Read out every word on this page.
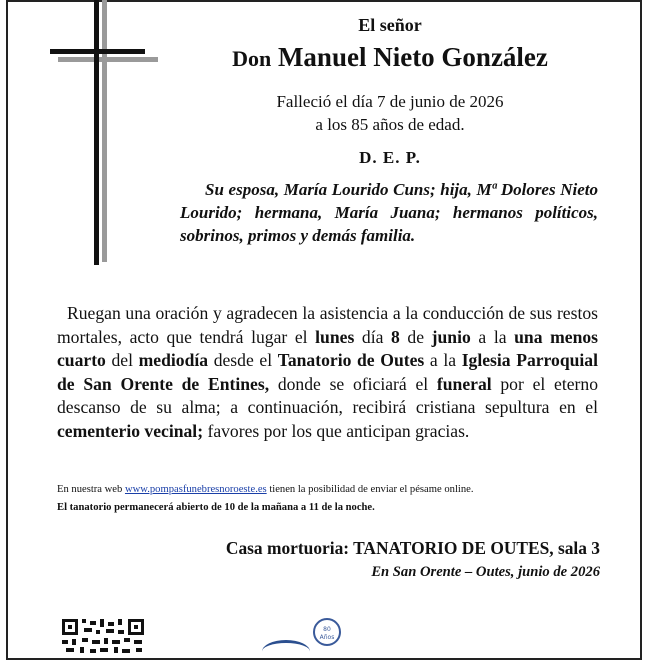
El señor
Don Manuel Nieto González
Falleció el día 7 de junio de 2026
a los 85 años de edad.
D. E. P.
Su esposa, María Lourido Cuns; hija, Mª Dolores Nieto Lourido; hermana, María Juana; hermanos políticos, sobrinos, primos y demás familia.
Ruegan una oración y agradecen la asistencia a la conducción de sus restos mortales, acto que tendrá lugar el lunes día 8 de junio a la una menos cuarto del mediodía desde el Tanatorio de Outes a la Iglesia Parroquial de San Orente de Entines, donde se oficiará el funeral por el eterno descanso de su alma; a continuación, recibirá cristiana sepultura en el cementerio vecinal; favores por los que anticipan gracias.
En nuestra web www.pompasfunebresnoroeste.es tienen la posibilidad de enviar el pésame online.
El tanatorio permanecerá abierto de 10 de la mañana a 11 de la noche.
Casa mortuoria: TANATORIO DE OUTES, sala 3
En San Orente – Outes, junio de 2026
80
Años
